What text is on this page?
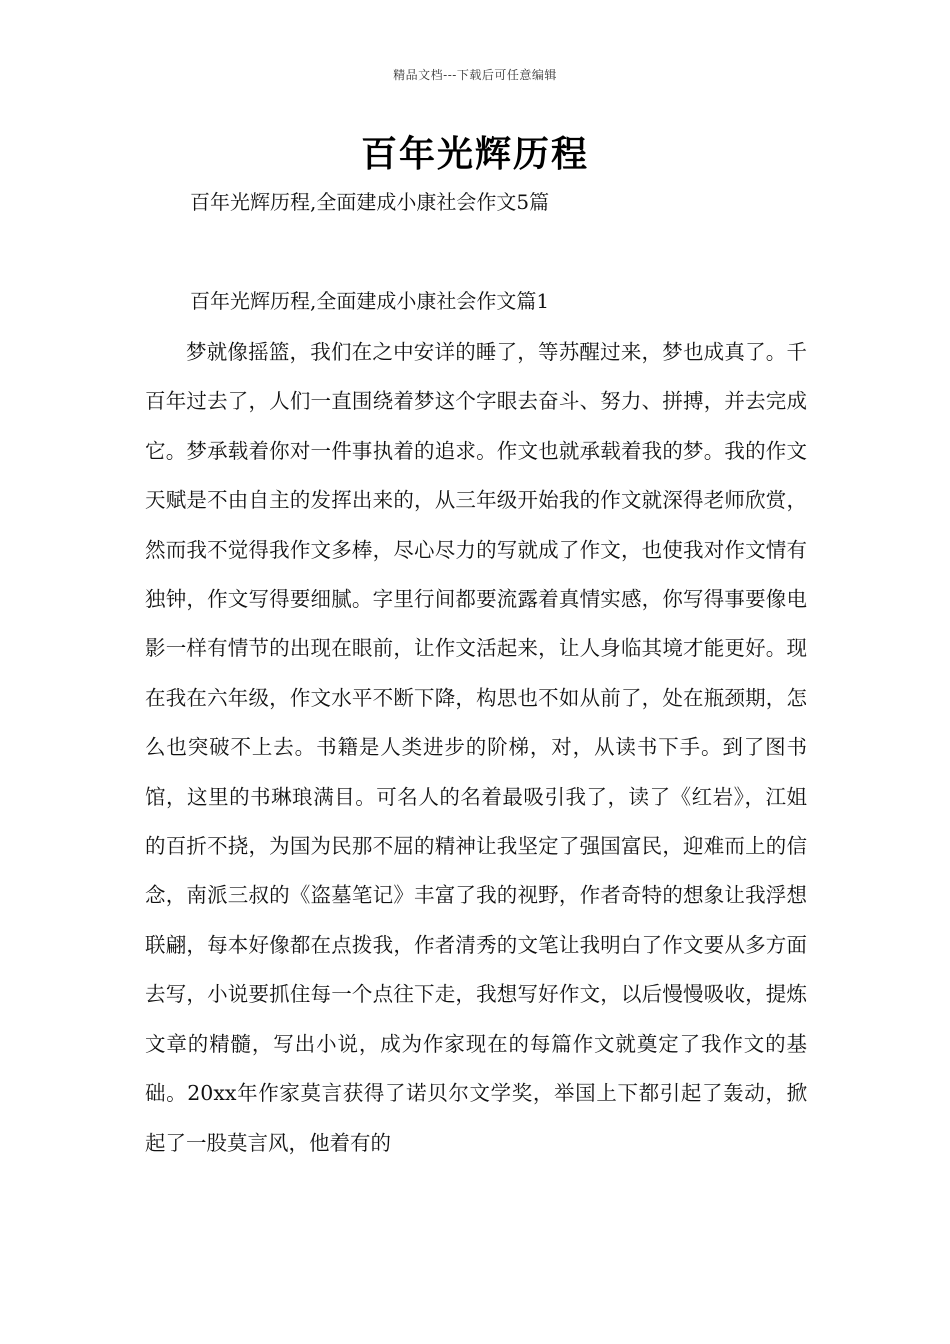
精品文档---下载后可任意编辑
百年光辉历程
百年光辉历程,全面建成小康社会作文5篇
百年光辉历程,全面建成小康社会作文篇1

梦就像摇篮，我们在之中安详的睡了，等苏醒过来，梦也成真了。千百年过去了，人们一直围绕着梦这个字眼去奋斗、努力、拼搏，并去完成它。梦承载着你对一件事执着的追求。作文也就承载着我的梦。我的作文天赋是不由自主的发挥出来的，从三年级开始我的作文就深得老师欣赏，然而我不觉得我作文多棒，尽心尽力的写就成了作文，也使我对作文情有独钟，作文写得要细腻。字里行间都要流露着真情实感，你写得事要像电影一样有情节的出现在眼前，让作文活起来，让人身临其境才能更好。现在我在六年级，作文水平不断下降，构思也不如从前了，处在瓶颈期，怎么也突破不上去。书籍是人类进步的阶梯，对，从读书下手。到了图书馆，这里的书琳琅满目。可名人的名着最吸引我了，读了《红岩》，江姐的百折不挠，为国为民那不屈的精神让我坚定了强国富民，迎难而上的信念，南派三叔的《盗墓笔记》丰富了我的视野，作者奇特的想象让我浮想联翩，每本好像都在点拨我，作者清秀的文笔让我明白了作文要从多方面去写，小说要抓住每一个点往下走，我想写好作文，以后慢慢吸收，提炼文章的精髓，写出小说，成为作家现在的每篇作文就奠定了我作文的基础。20xx年作家莫言获得了诺贝尔文学奖，举国上下都引起了轰动，掀起了一股莫言风，他着有的
